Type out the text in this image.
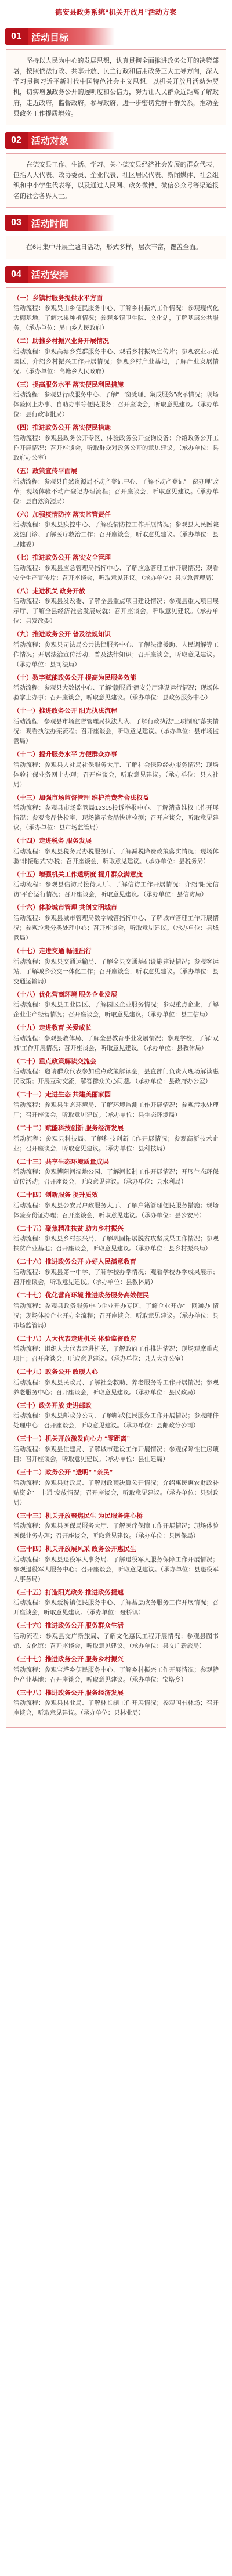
德安县政务系统“机关开放月”活动方案
01	活动目标

坚持以人民为中心的发展思想，认真贯彻全面推进政务公开的决策部署，按照依法行政、共享开放、民主行政和信用政务三大主导方向，深入学习贯彻习近平新时代中国特色社会主义思想，以机关开放月活动为契机，切实增强政务公开的透明度和公信力，努力让人民群众近距离了解政府，走近政府，监督政府，参与政府，进一步密切党群干群关系，推动全县政务工作提质增效。

02	活动对象

在德安县工作、生活、学习、关心德安县经济社会发展的群众代表，包括人大代表、政协委员、企业代表、社区居民代表、新闻媒体、社会组织和中小学生代表等，以及通过人民网、政务微博、微信公众号等渠道报名的社会各界人士。

03	活动时间

在6月集中开展主题日活动，形式多样，层次丰富，覆盖全面。

04	活动安排
（一）乡镇村服务提供水平方面
活动流程：参观吴山乡便民服务中心、了解乡村振兴工作情况；参观现代化大棚基地，了解水果种植情况；参观乡镇卫生院、文化站，了解基层公共服务。（承办单位：吴山乡人民政府）
（二）助推乡村振兴业务开展情况
活动流程：参观高塘乡党群服务中心、观看乡村振兴宣传片；参观农业示范园区，介绍乡村振兴工作开展情况；参观乡村产业基地，了解产业发展情况。（承办单位：高塘乡人民政府）
（三）提高服务水平 落实便民利民措施
活动流程：参观县行政服务中心、了解“一窗受理、集成服务”改革情况；现场体验网上办事、自助办事等便民服务；召开座谈会，听取意见建议。（承办单位：县行政审批局）
（四）推进政务公开 落实便民措施
活动流程：参观县政务公开专区、体验政务公开查询设备；介绍政务公开工作开展情况；召开座谈会，听取群众对政务公开的意见建议。（承办单位：县政府办公室）
（五）政策宣传平面展
活动流程：参观县自然资源局不动产登记中心、了解不动产登记“一窗办理”改革；现场体验不动产登记办理流程；召开座谈会，听取意见建议。（承办单位：县自然资源局）
（六）加强疫情防控 落实监管责任
活动流程：参观县疾控中心、了解疫情防控工作开展情况；参观县人民医院发热门诊、了解医疗救治工作；召开座谈会，听取意见建议。（承办单位：县卫健委）
（七）推进政务公开 落实安全管理
活动流程：参观县应急管理局指挥中心、了解应急管理工作开展情况；观看安全生产宣传片；召开座谈会，听取意见建议。（承办单位：县应急管理局）
（八）走进机关 政务开放
活动流程：参观县发改委、了解全县重点项目建设情况；参观县重大项目展示厅、了解全县经济社会发展成就；召开座谈会，听取意见建议。（承办单位：县发改委）
（九）推进政务公开 普及法规知识
活动流程：参观县司法局公共法律服务中心、了解法律援助、人民调解等工作情况；开展法治宣传活动，普及法律知识；召开座谈会，听取意见建议。（承办单位：县司法局）
（十）数字赋能政务公开 提高为民服务效能
活动流程：参观县大数据中心、了解“赣服通”德安分厅建设运行情况；现场体验掌上办事；召开座谈会，听取意见建议。（承办单位：县政务服务中心）
（十一）推进政务公开 阳光执法流程
活动流程：参观县市场监督管理局执法大队、了解行政执法“三项制度”落实情况；观看执法办案流程；召开座谈会，听取意见建议。（承办单位：县市场监管局）
（十二）提升服务水平 方便群众办事
活动流程：参观县人社局社保服务大厅、了解社会保险经办服务情况；现场体验社保业务网上办理；召开座谈会，听取意见建议。（承办单位：县人社局）
（十三）加强市场监督管理 维护消费者合法权益
活动流程：参观县市场监管局12315投诉举报中心、了解消费维权工作开展情况；参观食品快检室，现场演示食品快速检测；召开座谈会，听取意见建议。（承办单位：县市场监管局）
（十四）走进税务 服务发展
活动流程：参观县税务局办税服务厅、了解减税降费政策落实情况；现场体验“非接触式”办税；召开座谈会，听取意见建议。（承办单位：县税务局）
（十五）增强机关工作透明度 提升群众满意度
活动流程：参观县信访局接待大厅、了解信访工作开展情况；介绍“阳光信访”平台运行情况；召开座谈会，听取意见建议。（承办单位：县信访局）
（十六）体验城市管理 共创文明城市
活动流程：参观县城市管理局数字城管指挥中心、了解城市管理工作开展情况；参观垃圾分类处理中心；召开座谈会，听取意见建议。（承办单位：县城管局）
（十七）走进交通 畅通出行
活动流程：参观县交通运输局、了解全县交通基础设施建设情况；参观客运站、了解城乡公交一体化工作；召开座谈会，听取意见建议。（承办单位：县交通运输局）
（十八）优化营商环境 服务企业发展
活动流程：参观县工业园区、了解园区企业服务情况；参观重点企业，了解企业生产经营情况；召开座谈会，听取意见建议。（承办单位：县工信局）
（十九）走进教育 关爱成长
活动流程：参观县教体局、了解全县教育事业发展情况；参观学校，了解“双减”工作开展情况；召开座谈会，听取意见建议。（承办单位：县教体局）
（二十）重点政策解读交流会
活动流程：邀请群众代表参加重点政策解读会，县直部门负责人现场解读惠民政策；开展互动交流，解答群众关心问题。（承办单位：县政府办公室）
（二十一）走进生态 共建美丽家园
活动流程：参观县生态环境局、了解环境监测工作开展情况；参观污水处理厂；召开座谈会，听取意见建议。（承办单位：县生态环境局）
（二十二）赋能科技创新 服务经济发展
活动流程：参观县科技局、了解科技创新工作开展情况；参观高新技术企业；召开座谈会，听取意见建议。（承办单位：县科技局）
（二十三）共享生态环境质量成果
活动流程：参观博阳河湿地公园、了解河长制工作开展情况；开展生态环保宣传活动；召开座谈会，听取意见建议。（承办单位：县水利局）
（二十四）创新服务 提升质效
活动流程：参观县公安局户政服务大厅、了解户籍管理便民服务措施；现场体验身份证办理；召开座谈会，听取意见建议。（承办单位：县公安局）
（二十五）聚焦精准扶贫 助力乡村振兴
活动流程：参观县乡村振兴局、了解巩固拓展脱贫攻坚成果工作情况；参观扶贫产业基地；召开座谈会，听取意见建议。（承办单位：县乡村振兴局）
（二十六）推进政务公开 办好人民满意教育
活动流程：参观县第一中学、了解学校办学情况；观看学校办学成果展示；召开座谈会，听取意见建议。（承办单位：县教体局）
（二十七）优化营商环境 推进政务服务高效便民
活动流程：参观县政务服务中心企业开办专区、了解企业开办“一网通办”情况；现场体验企业开办全流程；召开座谈会，听取意见建议。（承办单位：县市场监管局）
（二十八）人大代表走进机关 体验监督政府
活动流程：组织人大代表走进机关，了解政府工作推进情况；现场观摩重点项目；召开座谈会，听取意见建议。（承办单位：县人大办公室）
（二十九）政务公开 政暖人心
活动流程：参观县民政局、了解社会救助、养老服务等工作开展情况；参观养老服务中心；召开座谈会，听取意见建议。（承办单位：县民政局）
（三十）政务开放 走进邮政
活动流程：参观县邮政分公司、了解邮政便民服务工作开展情况；参观邮件处理中心；召开座谈会，听取意见建议。（承办单位：县邮政分公司）
（三十一）机关开放激发向心力 “零距离”
活动流程：参观县住建局、了解城市建设工作开展情况；参观保障性住房项目；召开座谈会，听取意见建议。（承办单位：县住建局）
（三十二）政务公开 “透明” “亲民”
活动流程：参观县财政局、了解财政预决算公开情况；介绍惠民惠农财政补贴资金“一卡通”发放情况；召开座谈会，听取意见建议。（承办单位：县财政局）
（三十三）机关开放聚焦民生 为民服务连心桥
活动流程：参观县医保局服务大厅、了解医疗保障工作开展情况；现场体验医保业务办理；召开座谈会，听取意见建议。（承办单位：县医保局）
（三十四）机关开放展风采 政务公开惠民生
活动流程：参观县退役军人事务局、了解退役军人服务保障工作开展情况；参观退役军人服务中心；召开座谈会，听取意见建议。（承办单位：县退役军人事务局）
（三十五）打造阳光政务 推进政务提速
活动流程：参观聂桥镇便民服务中心、了解基层政务服务工作开展情况；召开座谈会，听取意见建议。（承办单位：聂桥镇）
（三十六）推进政务公开 服务群众生活
活动流程：参观县文广新旅局、了解文化惠民工程开展情况；参观县图书馆、文化馆；召开座谈会，听取意见建议。（承办单位：县文广新旅局）
（三十七）推进政务公开 服务乡村振兴
活动流程：参观宝塔乡便民服务中心、了解乡村振兴工作开展情况；参观特色产业基地；召开座谈会，听取意见建议。（承办单位：宝塔乡）
（三十八）推进政务公开 服务经济发展
活动流程：参观县林业局、了解林长制工作开展情况；参观国有林场；召开座谈会，听取意见建议。（承办单位：县林业局）
